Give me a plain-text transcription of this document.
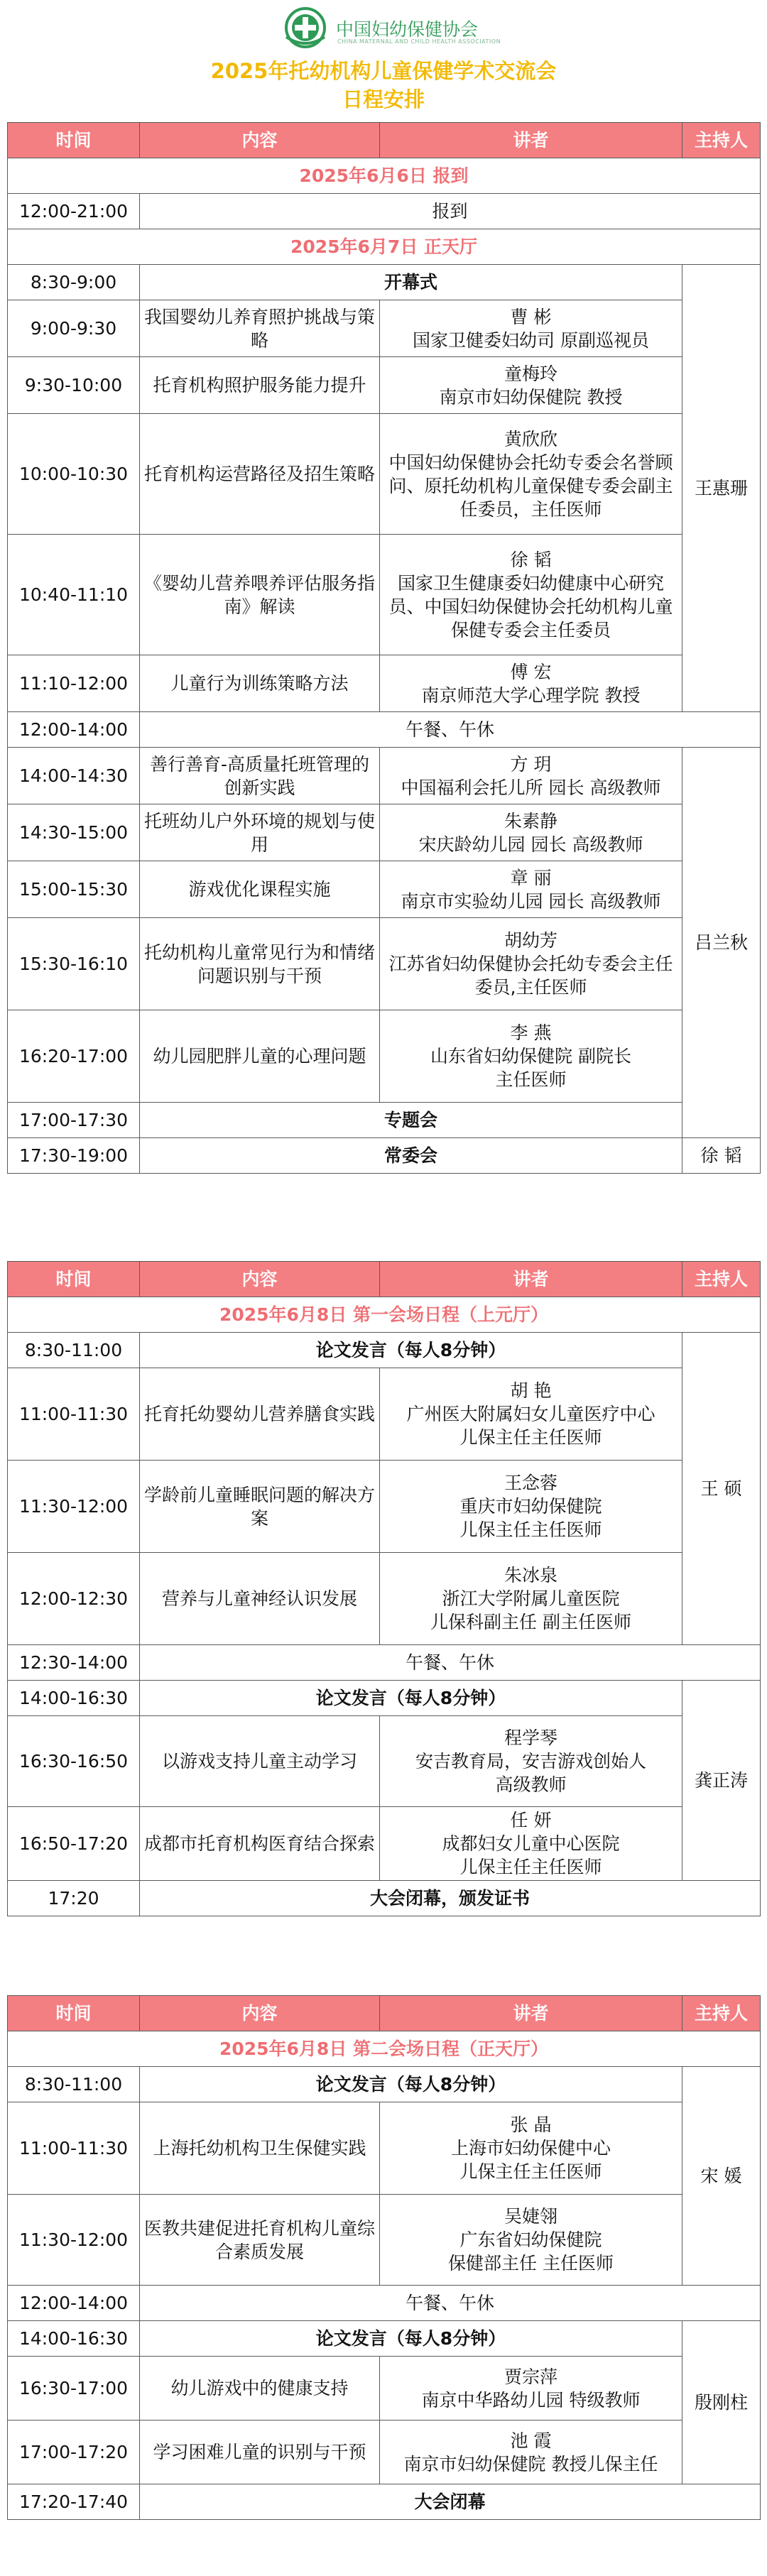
中国妇幼保健协会
CHINA MATERNAL AND CHILD HEALTH ASSOCIATION
2025年托幼机构儿童保健学术交流会
日程安排
时间	内容	讲者	主持人
2025年6月6日 报到			
12:00-21:00	报到		
2025年6月7日 正天厅			
8:30-9:00	开幕式		王惠珊
9:00-9:30	我国婴幼儿养育照护挑战与策略	曹 彬
国家卫健委妇幼司 原副巡视员	
9:30-10:00	托育机构照护服务能力提升	童梅玲
南京市妇幼保健院 教授	
10:00-10:30	托育机构运营路径及招生策略	黄欣欣
中国妇幼保健协会托幼专委会名誉顾问、原托幼机构儿童保健专委会副主任委员，主任医师	
10:40-11:10	《婴幼儿营养喂养评估服务指南》解读	徐 韬
国家卫生健康委妇幼健康中心研究员、中国妇幼保健协会托幼机构儿童保健专委会主任委员	
11:10-12:00	儿童行为训练策略方法	傅 宏
南京师范大学心理学院 教授	
12:00-14:00	午餐、午休		
14:00-14:30	善行善育-高质量托班管理的创新实践	方 玥
中国福利会托儿所 园长 高级教师	吕兰秋
14:30-15:00	托班幼儿户外环境的规划与使用	朱素静
宋庆龄幼儿园 园长 高级教师	
15:00-15:30	游戏优化课程实施	章 丽
南京市实验幼儿园 园长 高级教师	
15:30-16:10	托幼机构儿童常见行为和情绪问题识别与干预	胡幼芳
江苏省妇幼保健协会托幼专委会主任委员,主任医师	
16:20-17:00	幼儿园肥胖儿童的心理问题	李 燕
山东省妇幼保健院 副院长
主任医师	
17:00-17:30	专题会		
17:30-19:00	常委会		徐 韬
时间	内容	讲者	主持人
2025年6月8日 第一会场日程（上元厅）			
8:30-11:00	论文发言（每人8分钟）		王 硕
11:00-11:30	托育托幼婴幼儿营养膳食实践	胡 艳
广州医大附属妇女儿童医疗中心
儿保主任主任医师	
11:30-12:00	学龄前儿童睡眠问题的解决方案	王念蓉
重庆市妇幼保健院
儿保主任主任医师	
12:00-12:30	营养与儿童神经认识发展	朱冰泉
浙江大学附属儿童医院
儿保科副主任 副主任医师	
12:30-14:00	午餐、午休		
14:00-16:30	论文发言（每人8分钟）		龚正涛
16:30-16:50	以游戏支持儿童主动学习	程学琴
安吉教育局，安吉游戏创始人
高级教师	
16:50-17:20	成都市托育机构医育结合探索	任 妍
成都妇女儿童中心医院
儿保主任主任医师	
17:20	大会闭幕，颁发证书		
时间	内容	讲者	主持人
2025年6月8日 第二会场日程（正天厅）			
8:30-11:00	论文发言（每人8分钟）		宋 媛
11:00-11:30	上海托幼机构卫生保健实践	张 晶
上海市妇幼保健中心
儿保主任主任医师	
11:30-12:00	医教共建促进托育机构儿童综合素质发展	吴婕翎
广东省妇幼保健院
保健部主任 主任医师	
12:00-14:00	午餐、午休		
14:00-16:30	论文发言（每人8分钟）		殷刚柱
16:30-17:00	幼儿游戏中的健康支持	贾宗萍
南京中华路幼儿园 特级教师	
17:00-17:20	学习困难儿童的识别与干预	池 霞
南京市妇幼保健院 教授儿保主任	
17:20-17:40	大会闭幕		
